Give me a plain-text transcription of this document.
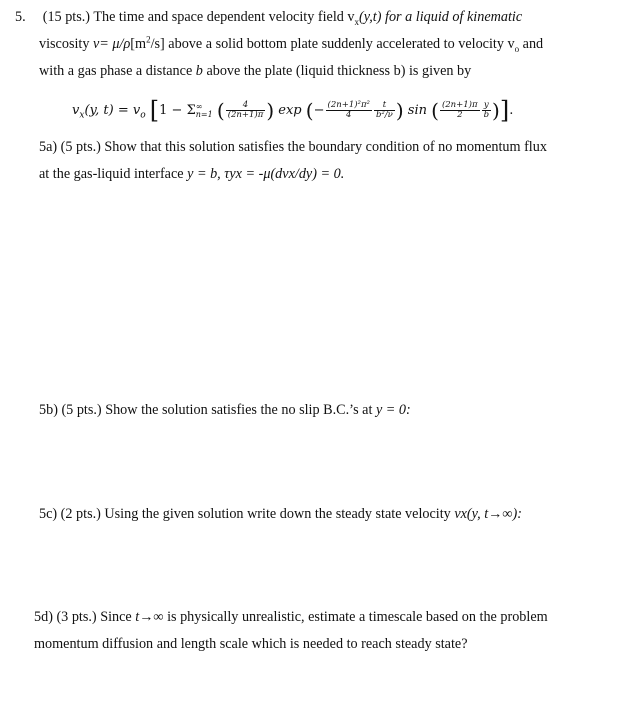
5. (15 pts.) The time and space dependent velocity field $v_x(y,t)$ for a liquid of kinematic
viscosity $\nu= \mu/\rho[m^2/s]$ above a solid bottom plate suddenly accelerated to velocity $v_o$ and
with a gas phase a distance b above the plate (liquid thickness b) is given by
$v_x(y$, $t) = v_o$ [1 − Σ ∞
n=1 ( $\frac{4}{(2n+1)\pi}$ ) exp (− $\frac{\text{(2n+1)²π²}}{4} \frac{t}{\text{b²/ν}}$ ) sin ( $\frac{(2n+1)\pi}{2} \frac{y}{b}$ )].
5a) (5 pts.) Show that this solution satisfies the boundary condition of no momentum flux
at the gas-liquid interface y = b, τyx = -μ(dvx/dy) = 0.
5b) (5 pts.) Show the solution satisfies the no slip B.C.’s at y = 0:
5c) (2 pts.) Using the given solution write down the steady state velocity vx(y, t→∞):
5d) (3 pts.) Since t→∞ is physically unrealistic, estimate a timescale based on the problem
momentum diffusion and length scale which is needed to reach steady state?
